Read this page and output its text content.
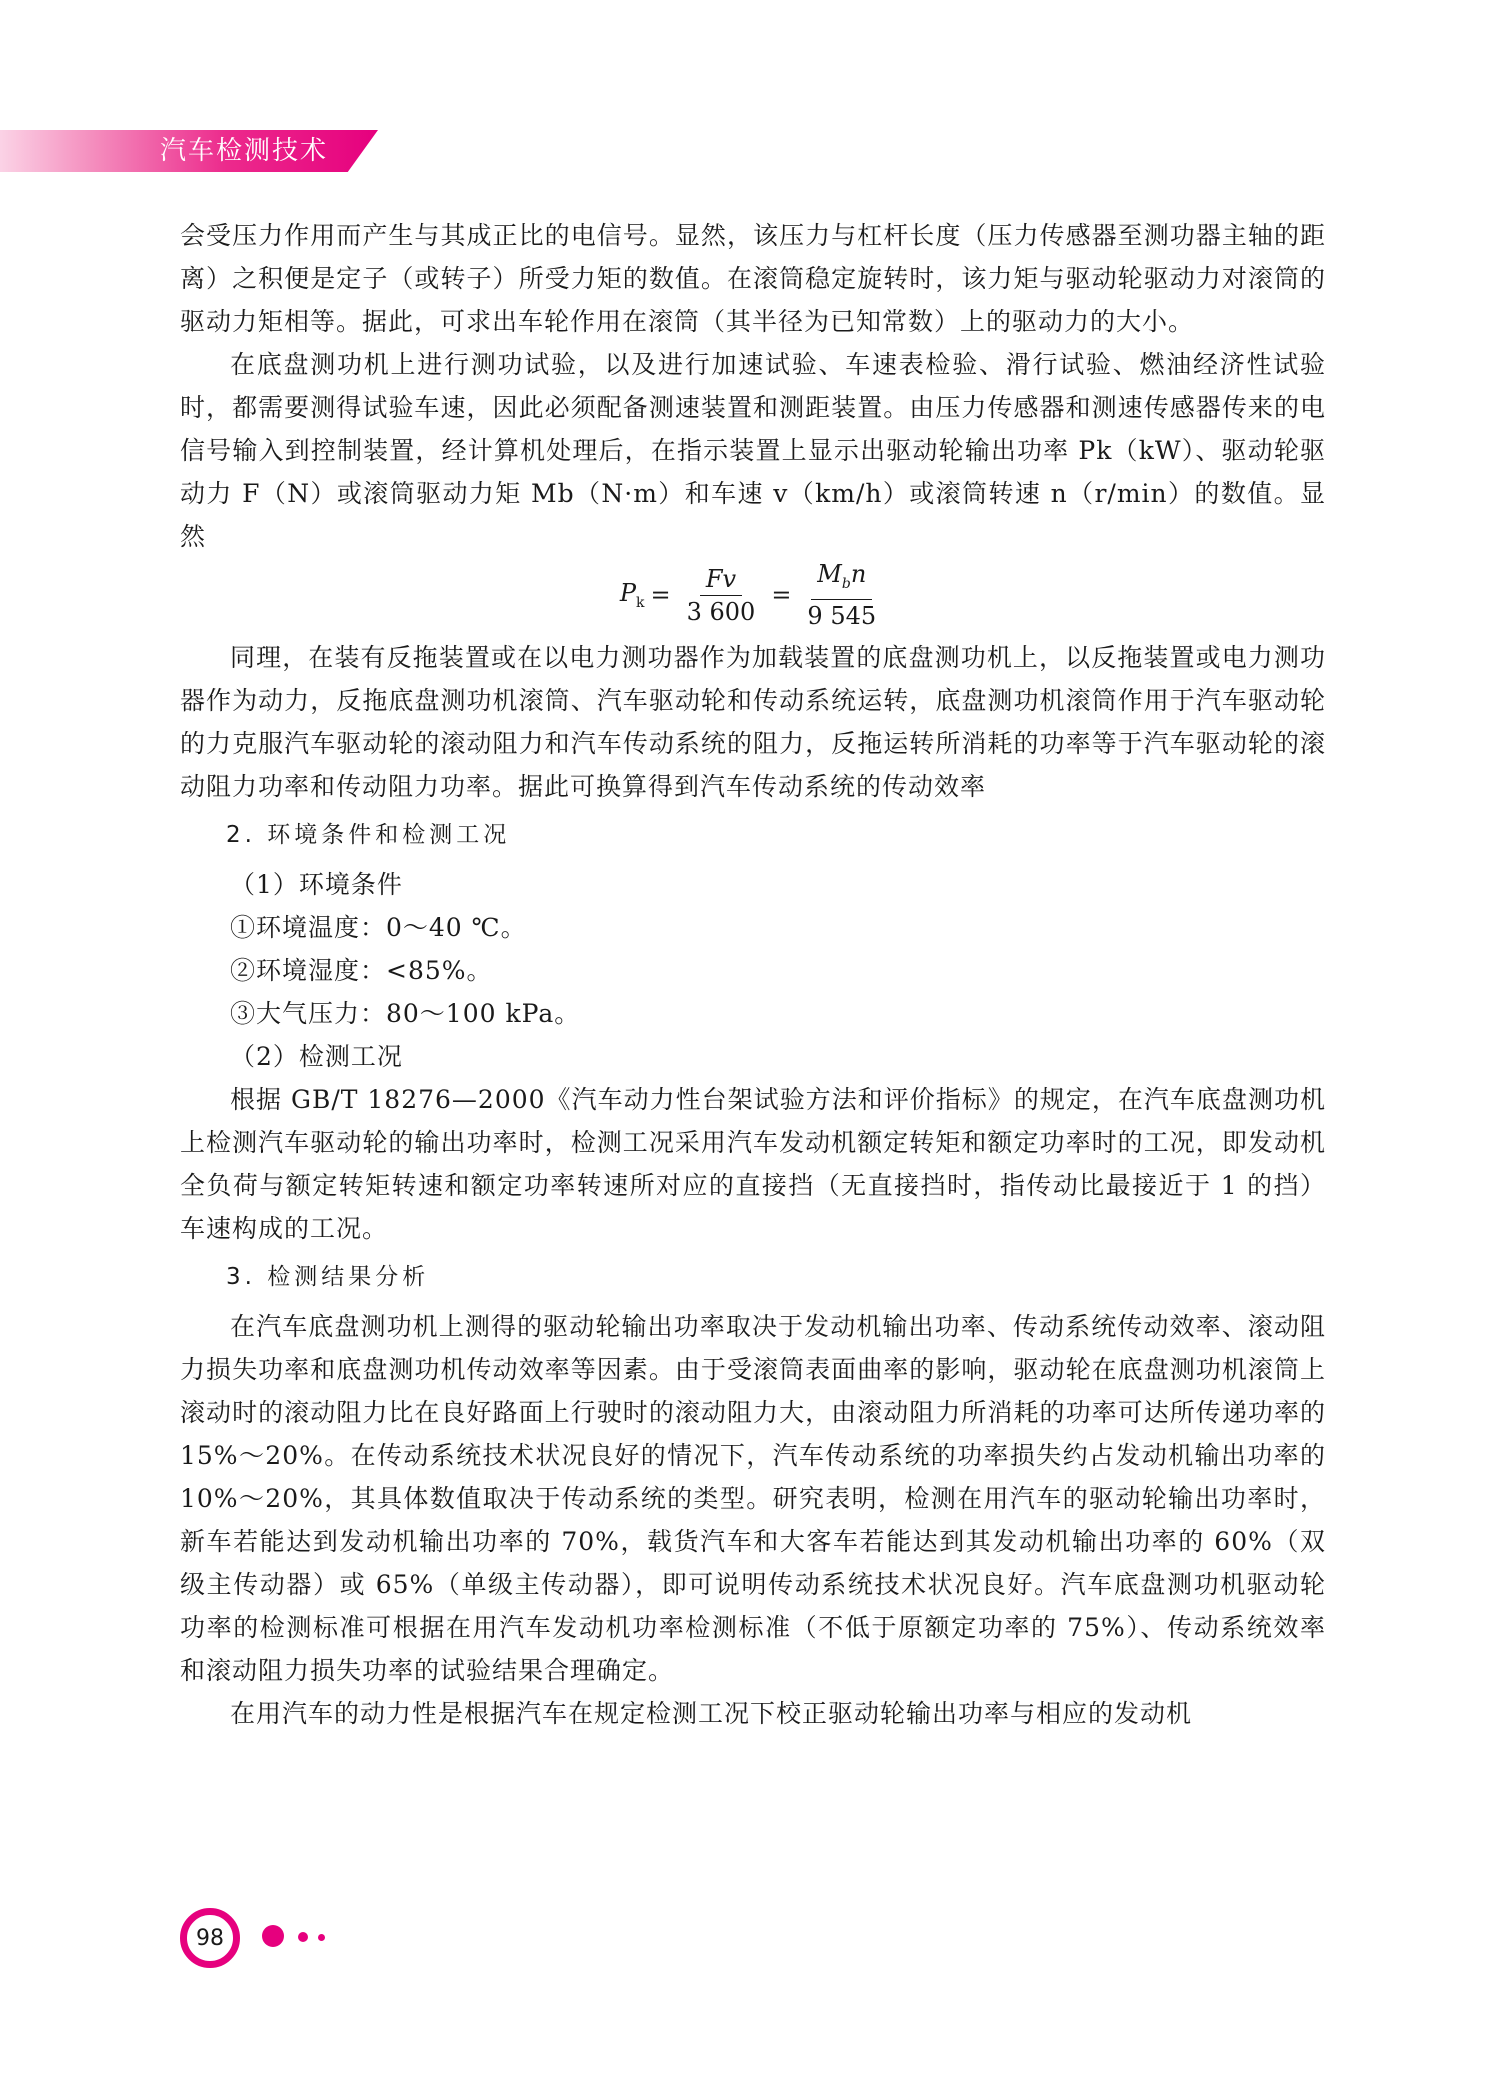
汽车检测技术

会受压力作用而产生与其成正比的电信号。显然，该压力与杠杆长度（压力传感器至测功器主轴的距离）之积便是定子（或转子）所受力矩的数值。在滚筒稳定旋转时，该力矩与驱动轮驱动力对滚筒的驱动力矩相等。据此，可求出车轮作用在滚筒（其半径为已知常数）上的驱动力的大小。

在底盘测功机上进行测功试验，以及进行加速试验、车速表检验、滑行试验、燃油经济性试验时，都需要测得试验车速，因此必须配备测速装置和测距装置。由压力传感器和测速传感器传来的电信号输入到控制装置，经计算机处理后，在指示装置上显示出驱动轮输出功率 Pk（kW）、驱动轮驱动力 F（N）或滚筒驱动力矩 Mb（N·m）和车速 v（km/h）或滚筒转速 n（r/min）的数值。显然

$P_k = \frac{Fv}{3 600} = \frac{M_bn}{9 545}$

同理，在装有反拖装置或在以电力测功器作为加载装置的底盘测功机上，以反拖装置或电力测功器作为动力，反拖底盘测功机滚筒、汽车驱动轮和传动系统运转，底盘测功机滚筒作用于汽车驱动轮的力克服汽车驱动轮的滚动阻力和汽车传动系统的阻力，反拖运转所消耗的功率等于汽车驱动轮的滚动阻力功率和传动阻力功率。据此可换算得到汽车传动系统的传动效率

2. 环境条件和检测工况

（1）环境条件

①环境温度：0～40 ℃。

②环境湿度：<85%。

③大气压力：80～100 kPa。

（2）检测工况

根据 GB/T 18276—2000《汽车动力性台架试验方法和评价指标》的规定，在汽车底盘测功机上检测汽车驱动轮的输出功率时，检测工况采用汽车发动机额定转矩和额定功率时的工况，即发动机全负荷与额定转矩转速和额定功率转速所对应的直接挡（无直接挡时，指传动比最接近于 1 的挡）车速构成的工况。

3. 检测结果分析

在汽车底盘测功机上测得的驱动轮输出功率取决于发动机输出功率、传动系统传动效率、滚动阻力损失功率和底盘测功机传动效率等因素。由于受滚筒表面曲率的影响，驱动轮在底盘测功机滚筒上滚动时的滚动阻力比在良好路面上行驶时的滚动阻力大，由滚动阻力所消耗的功率可达所传递功率的 15%～20%。在传动系统技术状况良好的情况下，汽车传动系统的功率损失约占发动机输出功率的 10%～20%，其具体数值取决于传动系统的类型。研究表明，检测在用汽车的驱动轮输出功率时，新车若能达到发动机输出功率的 70%，载货汽车和大客车若能达到其发动机输出功率的 60%（双级主传动器）或 65%（单级主传动器），即可说明传动系统技术状况良好。汽车底盘测功机驱动轮功率的检测标准可根据在用汽车发动机功率检测标准（不低于原额定功率的 75%）、传动系统效率和滚动阻力损失功率的试验结果合理确定。

在用汽车的动力性是根据汽车在规定检测工况下校正驱动轮输出功率与相应的发动机

98
